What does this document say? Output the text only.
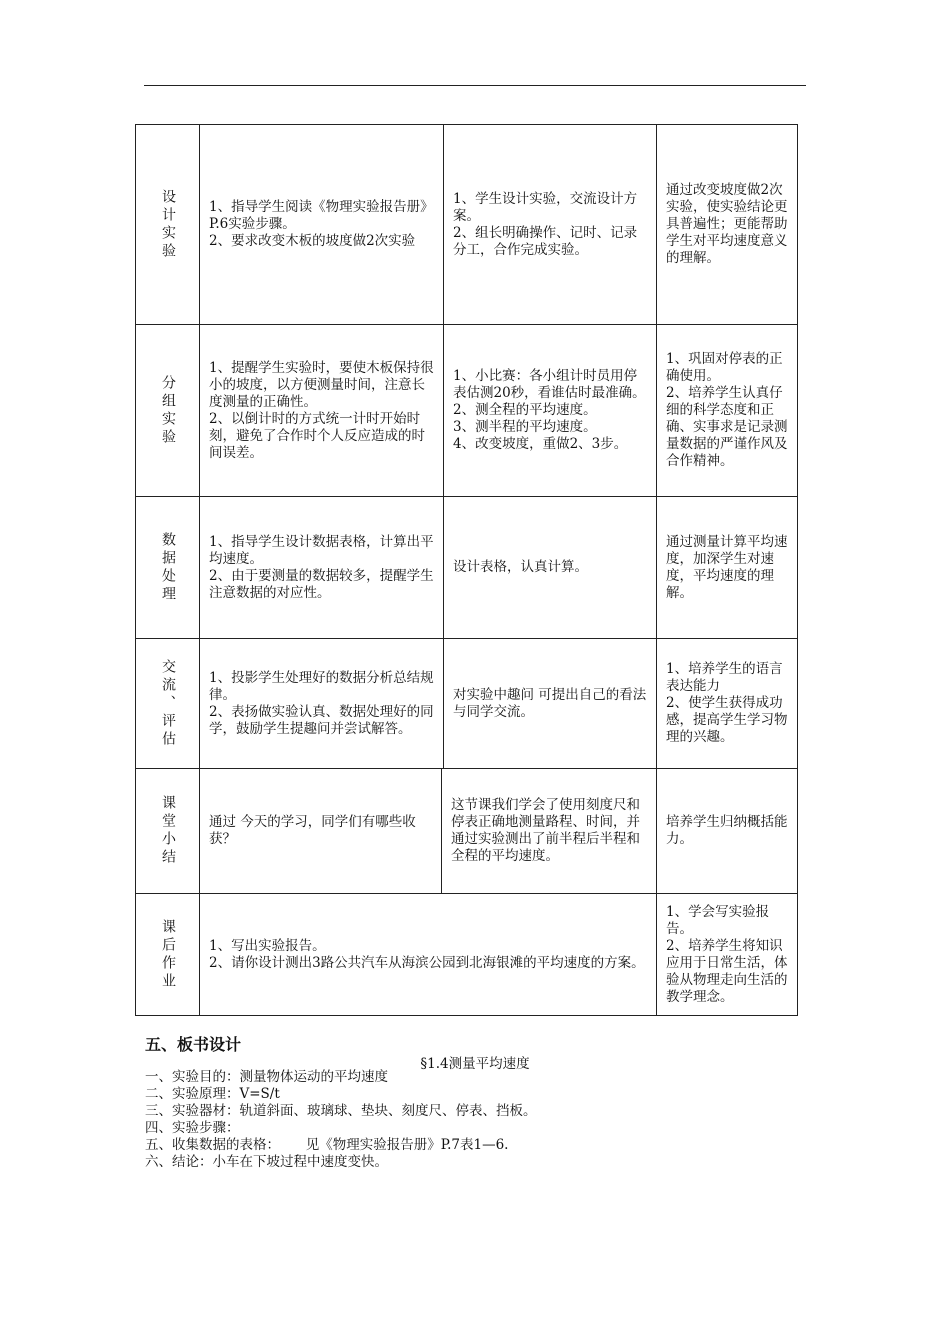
设计实验 1、指导学生阅读《物理实验报告册》P.6实验步骤。
2、要求改变木板的坡度做2次实验
1、学生设计实验，交流设计方案。
2、组长明确操作、记时、记录分工，合作完成实验。
通过改变坡度做2次实验，使实验结论更具普遍性；更能帮助学生对平均速度意义的理解。
分组实验
1、提醒学生实验时，要使木板保持很小的坡度，以方便测量时间，注意长度测量的正确性。
2、以倒计时的方式统一计时开始时刻，避免了合作时个人反应造成的时间误差。
1、小比赛：各小组计时员用停表估测20秒，看谁估时最准确。
2、测全程的平均速度。
3、测半程的平均速度。
4、改变坡度，重做2、3步。
1、巩固对停表的正确使用。
2、培养学生认真仔细的科学态度和正确、实事求是记录测量数据的严谨作风及合作精神。
数据处理 1、指导学生设计数据表格，计算出平均速度。
2、由于要测量的数据较多，提醒学生注意数据的对应性。
设计表格，认真计算。
通过测量计算平均速度，加深学生对速度，平均速度的理解。
交流、评估 1、投影学生处理好的数据分析总结规律。
2、表扬做实验认真、数据处理好的同学，鼓励学生提趣问并尝试解答。
对实验中趣问 可提出自己的看法与同学交流。
1、培养学生的语言表达能力
2、使学生获得成功感，提高学生学习物理的兴趣。
课堂小结 通过 今天的学习，同学们有哪些收获？
这节课我们学会了使用刻度尺和停表正确地测量路程、时间，并通过实验测出了前半程后半程和全程的平均速度。
培养学生归纳概括能力。
课后作业 1、写出实验报告。
2、请你设计测出3路公共汽车从海滨公园到北海银滩的平均速度的方案。
1、学会写实验报告。
2、培养学生将知识应用于日常生活，体验从物理走向生活的教学理念。
五、板书设计
§1.4测量平均速度
一、实验目的：测量物体运动的平均速度
二、实验原理：V=S/t
三、实验器材：轨道斜面、玻璃球、垫块、刻度尺、停表、挡板。
四、实验步骤：
五、收集数据的表格：      见《物理实验报告册》P.7表1—6.
六、结论：小车在下坡过程中速度变快。
